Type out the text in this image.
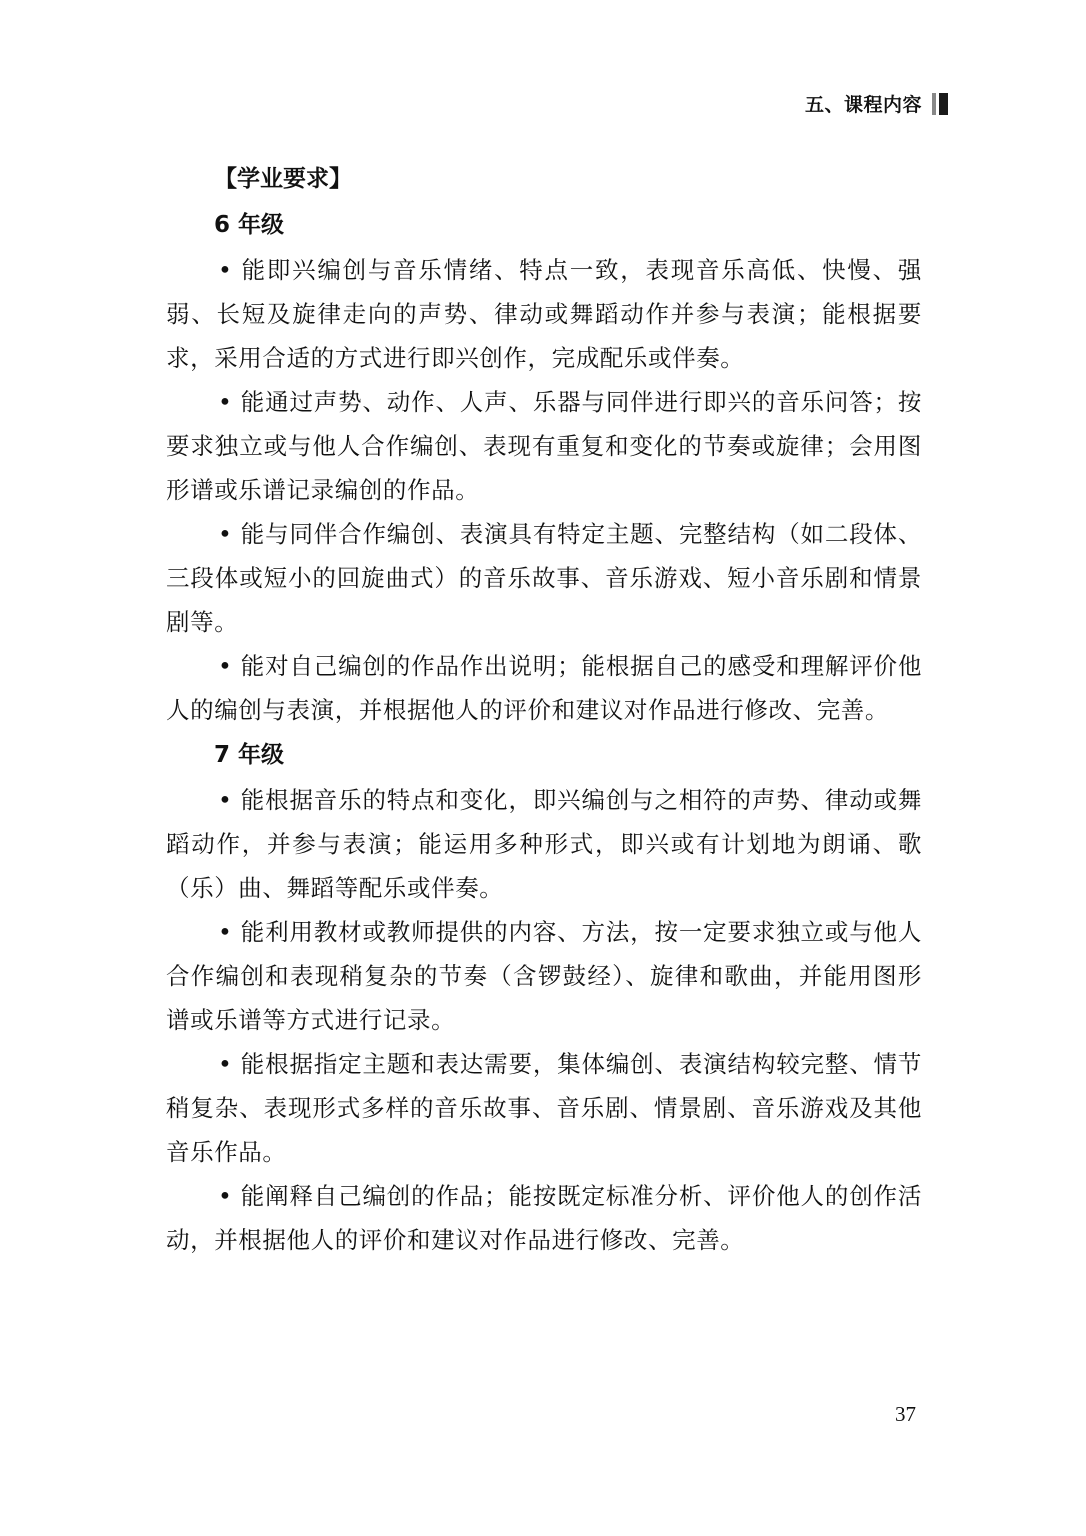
五、课程内容
【学业要求】
6 年级

• 能即兴编创与音乐情绪、特点一致，表现音乐高低、快慢、强弱、长短及旋律走向的声势、律动或舞蹈动作并参与表演；能根据要求，采用合适的方式进行即兴创作，完成配乐或伴奏。

• 能通过声势、动作、人声、乐器与同伴进行即兴的音乐问答；按要求独立或与他人合作编创、表现有重复和变化的节奏或旋律；会用图形谱或乐谱记录编创的作品。

• 能与同伴合作编创、表演具有特定主题、完整结构（如二段体、三段体或短小的回旋曲式）的音乐故事、音乐游戏、短小音乐剧和情景剧等。

• 能对自己编创的作品作出说明；能根据自己的感受和理解评价他人的编创与表演，并根据他人的评价和建议对作品进行修改、完善。

7 年级

• 能根据音乐的特点和变化，即兴编创与之相符的声势、律动或舞蹈动作，并参与表演；能运用多种形式，即兴或有计划地为朗诵、歌（乐）曲、舞蹈等配乐或伴奏。

• 能利用教材或教师提供的内容、方法，按一定要求独立或与他人合作编创和表现稍复杂的节奏（含锣鼓经）、旋律和歌曲，并能用图形谱或乐谱等方式进行记录。

• 能根据指定主题和表达需要，集体编创、表演结构较完整、情节稍复杂、表现形式多样的音乐故事、音乐剧、情景剧、音乐游戏及其他音乐作品。

• 能阐释自己编创的作品；能按既定标准分析、评价他人的创作活动，并根据他人的评价和建议对作品进行修改、完善。

37
